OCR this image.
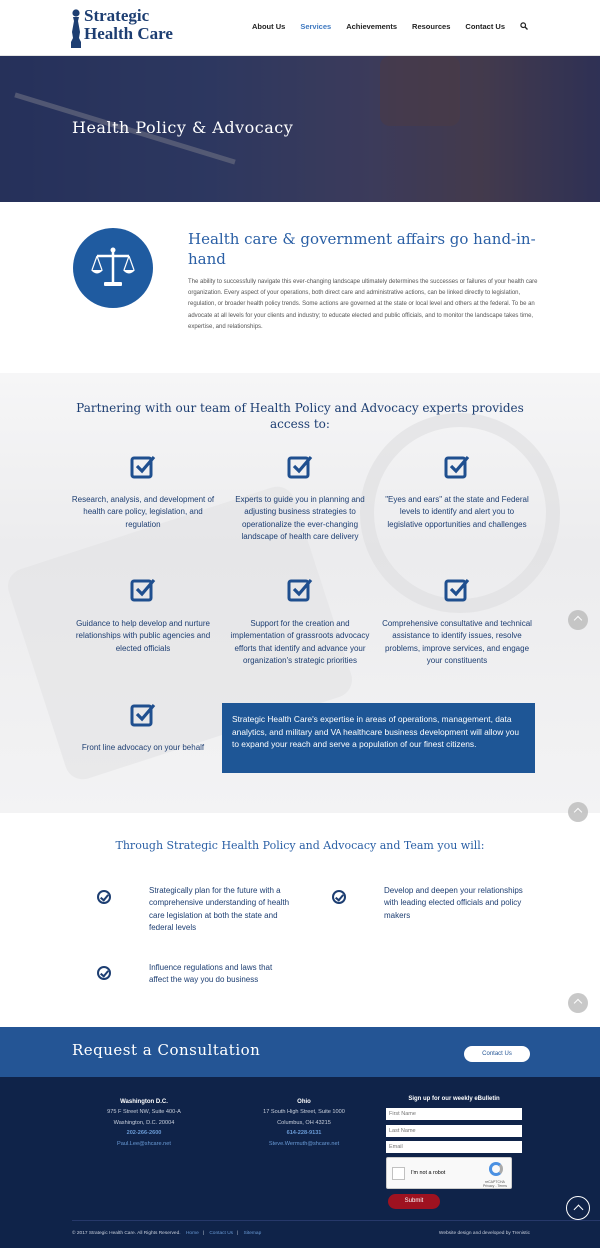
Strategic
Health Care	About Us Services Achievements Resources Contact Us
Health Policy & Advocacy
Health care & government affairs go hand-in-hand
The ability to successfully navigate this ever-changing landscape ultimately determines the successes or failures of your health care organization. Every aspect of your operations, both direct care and administrative actions, can be linked directly to legislation, regulation, or broader health policy trends. Some actions are governed at the state or local level and others at the federal. To be an advocate at all levels for your clients and industry; to educate elected and public officials, and to monitor the landscape takes time, expertise, and relationships.
Partnering with our team of Health Policy and Advocacy experts provides access to:
Research, analysis, and development of health care policy, legislation, and regulation
Experts to guide you in planning and adjusting business strategies to operationalize the ever-changing landscape of health care delivery
"Eyes and ears" at the state and Federal levels to identify and alert you to legislative opportunities and challenges
Guidance to help develop and nurture relationships with public agencies and elected officials
Support for the creation and implementation of grassroots advocacy efforts that identify and advance your organization's strategic priorities
Comprehensive consultative and technical assistance to identify issues, resolve problems, improve services, and engage your constituents
Front line advocacy on your behalf
Strategic Health Care's expertise in areas of operations, management, data analytics, and military and VA healthcare business development will allow you to expand your reach and serve a population of our finest citizens.
Through Strategic Health Policy and Advocacy and Team you will:
Strategically plan for the future with a comprehensive understanding of health care legislation at both the state and federal levels
Develop and deepen your relationships with leading elected officials and policy makers
Influence regulations and laws that affect the way you do business
Request a Consultation	Contact Us
Washington D.C.
975 F Street NW, Suite 400-A
Washington, D.C. 20004
202-266-2600
Paul.Lee@shcare.net
Ohio
17 South High Street, Suite 1000
Columbus, OH 43215
614-228-9131
Steve.Wermuth@shcare.net
Sign up for our weekly eBulletin
First Name
Last Name
Email
I'm not a robot
reCAPTCHA
Privacy - Terms
Submit
© 2017 Strategic Health Care. All Rights Reserved. Home | Contact Us | Sitemap	Website design and developed by Trenistic
